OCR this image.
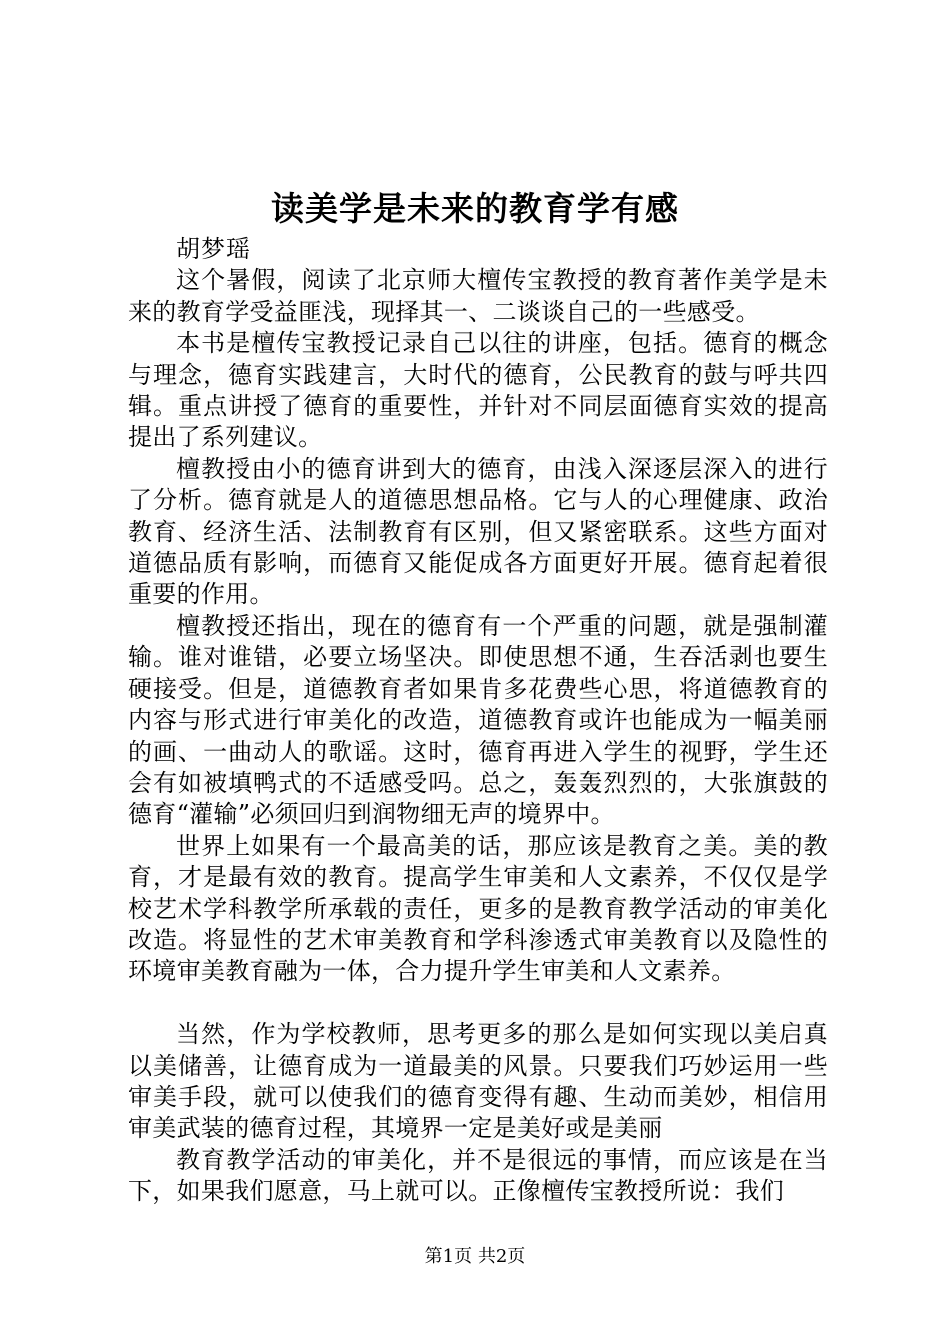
读美学是未来的教育学有感

胡梦瑶

这个暑假，阅读了北京师大檀传宝教授的教育著作美学是未来的教育学受益匪浅，现择其一、二谈谈自己的一些感受。

本书是檀传宝教授记录自己以往的讲座，包括。德育的概念与理念，德育实践建言，大时代的德育，公民教育的鼓与呼共四辑。重点讲授了德育的重要性，并针对不同层面德育实效的提高提出了系列建议。

檀教授由小的德育讲到大的德育，由浅入深逐层深入的进行了分析。德育就是人的道德思想品格。它与人的心理健康、政治教育、经济生活、法制教育有区别，但又紧密联系。这些方面对道德品质有影响，而德育又能促成各方面更好开展。德育起着很重要的作用。

檀教授还指出，现在的德育有一个严重的问题，就是强制灌输。谁对谁错，必要立场坚决。即使思想不通，生吞活剥也要生硬接受。但是，道德教育者如果肯多花费些心思，将道德教育的内容与形式进行审美化的改造，道德教育或许也能成为一幅美丽的画、一曲动人的歌谣。这时，德育再进入学生的视野，学生还会有如被填鸭式的不适感受吗。总之，轰轰烈烈的，大张旗鼓的德育“灌输”必须回归到润物细无声的境界中。

世界上如果有一个最高美的话，那应该是教育之美。美的教育，才是最有效的教育。提高学生审美和人文素养，不仅仅是学校艺术学科教学所承载的责任，更多的是教育教学活动的审美化改造。将显性的艺术审美教育和学科渗透式审美教育以及隐性的环境审美教育融为一体，合力提升学生审美和人文素养。

当然，作为学校教师，思考更多的那么是如何实现以美启真以美储善，让德育成为一道最美的风景。只要我们巧妙运用一些审美手段，就可以使我们的德育变得有趣、生动而美妙，相信用审美武装的德育过程，其境界一定是美好或是美丽

教育教学活动的审美化，并不是很远的事情，而应该是在当下，如果我们愿意，马上就可以。正像檀传宝教授所说：我们

第1页 共2页
